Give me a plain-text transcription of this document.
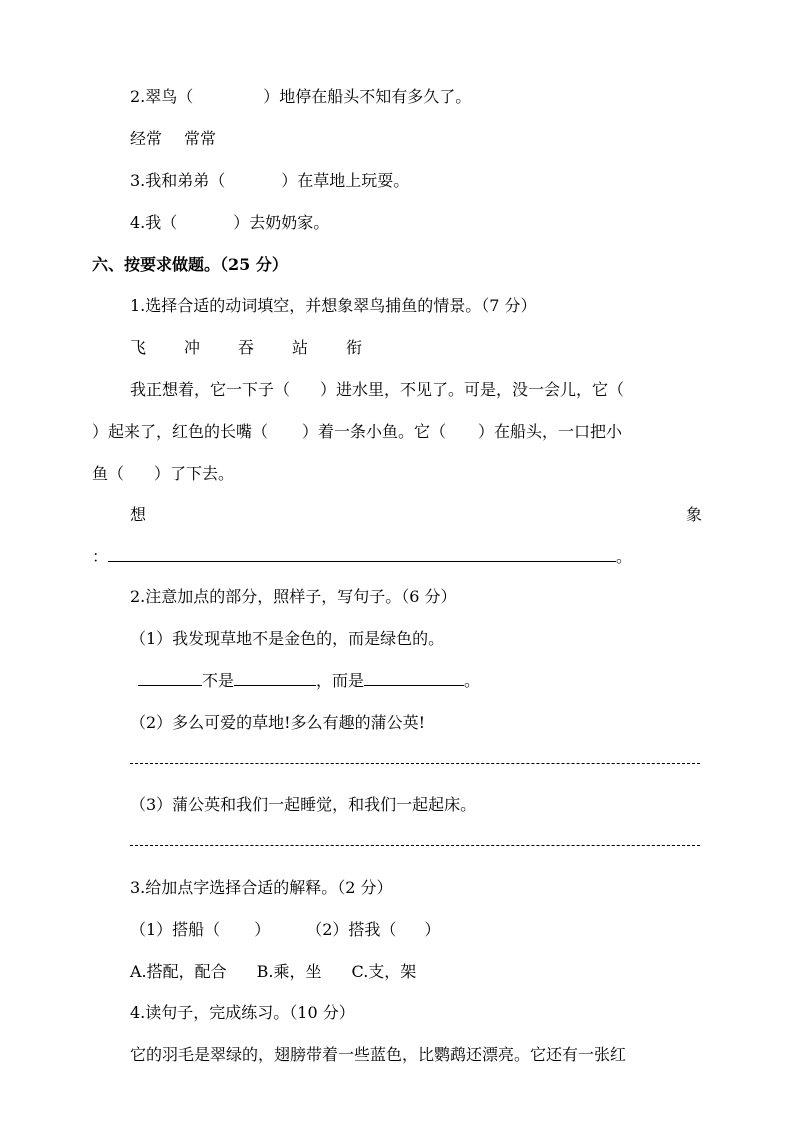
2.翠鸟（	）地停在船头不知有多久了。
经常 常常
3.我和弟弟（	）在草地上玩耍。
4.我（	）去奶奶家。
六、按要求做题。（25 分）
1.选择合适的动词填空，并想象翠鸟捕鱼的情景。（7 分）
飞 冲 吞 站 衔
我正想着，它一下子（ ）进水里，不见了。可是，没一会儿，它（
）起来了，红色的长嘴（ ）着一条小鱼。它（ ）在船头，一口把小
鱼（ ）了下去。
想	象
：	。
2.注意加点的部分，照样子，写句子。（6 分）
（1）我发现草地不是金色的，而是绿色的。
不是	，而是	。
（2）多么可爱的草地!多么有趣的蒲公英!
（3）蒲公英和我们一起睡觉，和我们一起起床。
3.给加点字选择合适的解释。（2 分）
（1）搭船（ ） （2）搭我（ ）
A.搭配，配合 B.乘，坐 C.支，架
4.读句子，完成练习。（10 分）
它的羽毛是翠绿的，翅膀带着一些蓝色，比鹦鹉还漂亮。它还有一张红
